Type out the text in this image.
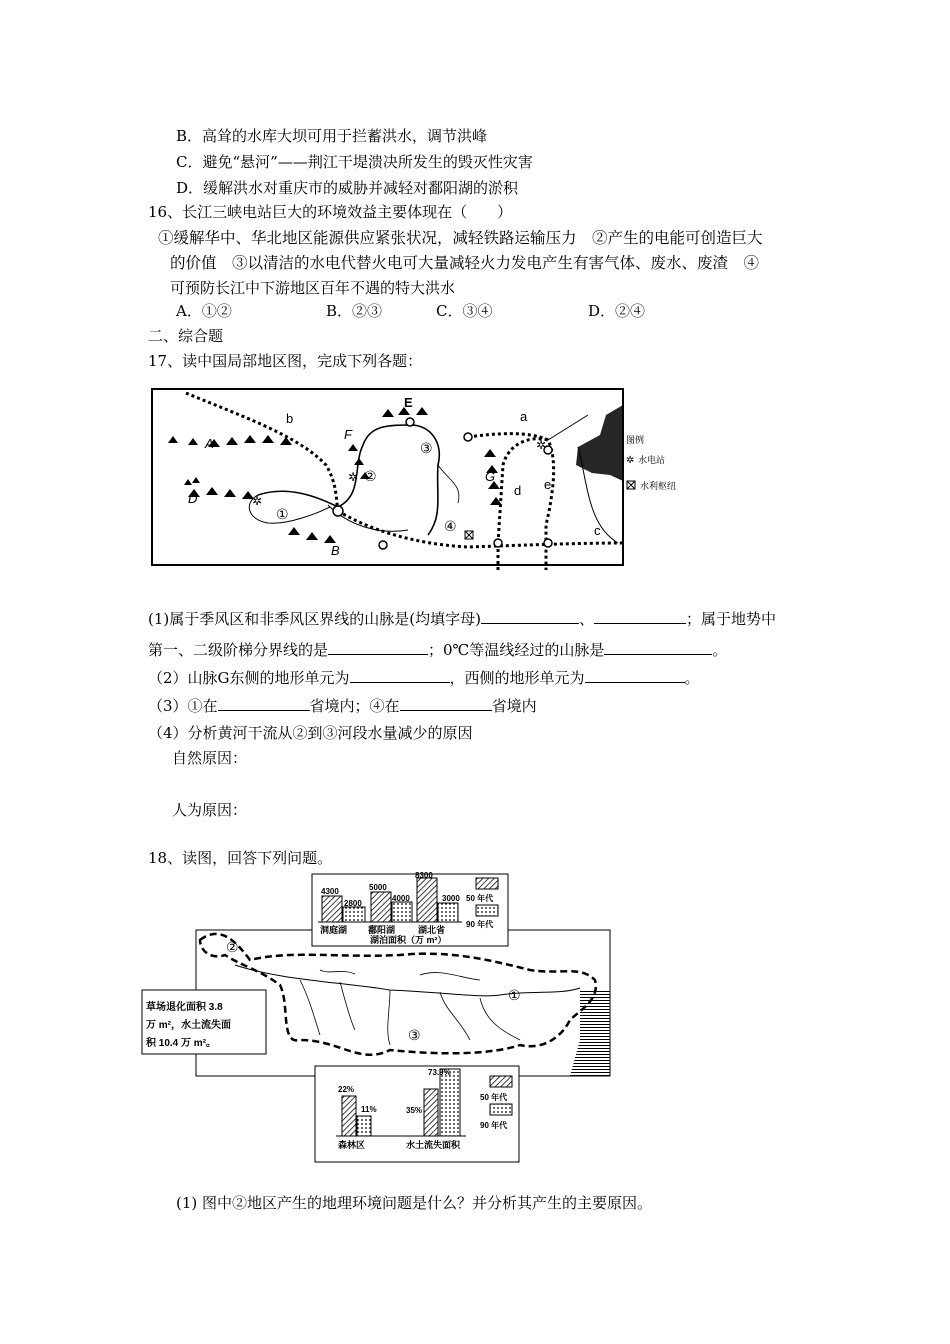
B．高耸的水库大坝可用于拦蓄洪水，调节洪峰
C．避免“悬河”——荆江干堤溃决所发生的毁灭性灾害
D．缓解洪水对重庆市的威胁并减轻对鄱阳湖的淤积
16、长江三峡电站巨大的环境效益主要体现在（　　）
①缓解华中、华北地区能源供应紧张状况，减轻铁路运输压力　②产生的电能可创造巨大
的价值　③以清洁的水电代替火电可大量减轻火力发电产生有害气体、废水、废渣　④
可预防长江中下游地区百年不遇的特大洪水
A．①②	B．②③	C．③④	D．②④
二、综合题
17、读中国局部地区图，完成下列各题：
✲
✲
✲
A
B
D
E
F
G
a
b
c
d e
①
②
③
④
图例
✲ 水电站
水利枢纽
(1)属于季风区和非季风区界线的山脉是(均填字母)	、	；属于地势中
第一、二级阶梯分界线的是	；0℃等温线经过的山脉是	。
（2）山脉G东侧的地形单元为	，西侧的地形单元为	。
（3）①在	省境内；④在	省境内
（4）分析黄河干流从②到③河段水量减少的原因
自然原因：
人为原因：
18、读图，回答下列问题。
①
②
③
4300
2800
5000
4000
8300
3000
洞庭湖 鄱阳湖	湖北省
湖泊面积（万 m²）
50 年代
90 年代
草场退化面积 3.8
万 m²，水土流失面
积 10.4 万 m²。
22%
11%	35%
73.9%
森林区	水土流失面积
50 年代
90 年代
(1) 图中②地区产生的地理环境问题是什么？并分析其产生的主要原因。
